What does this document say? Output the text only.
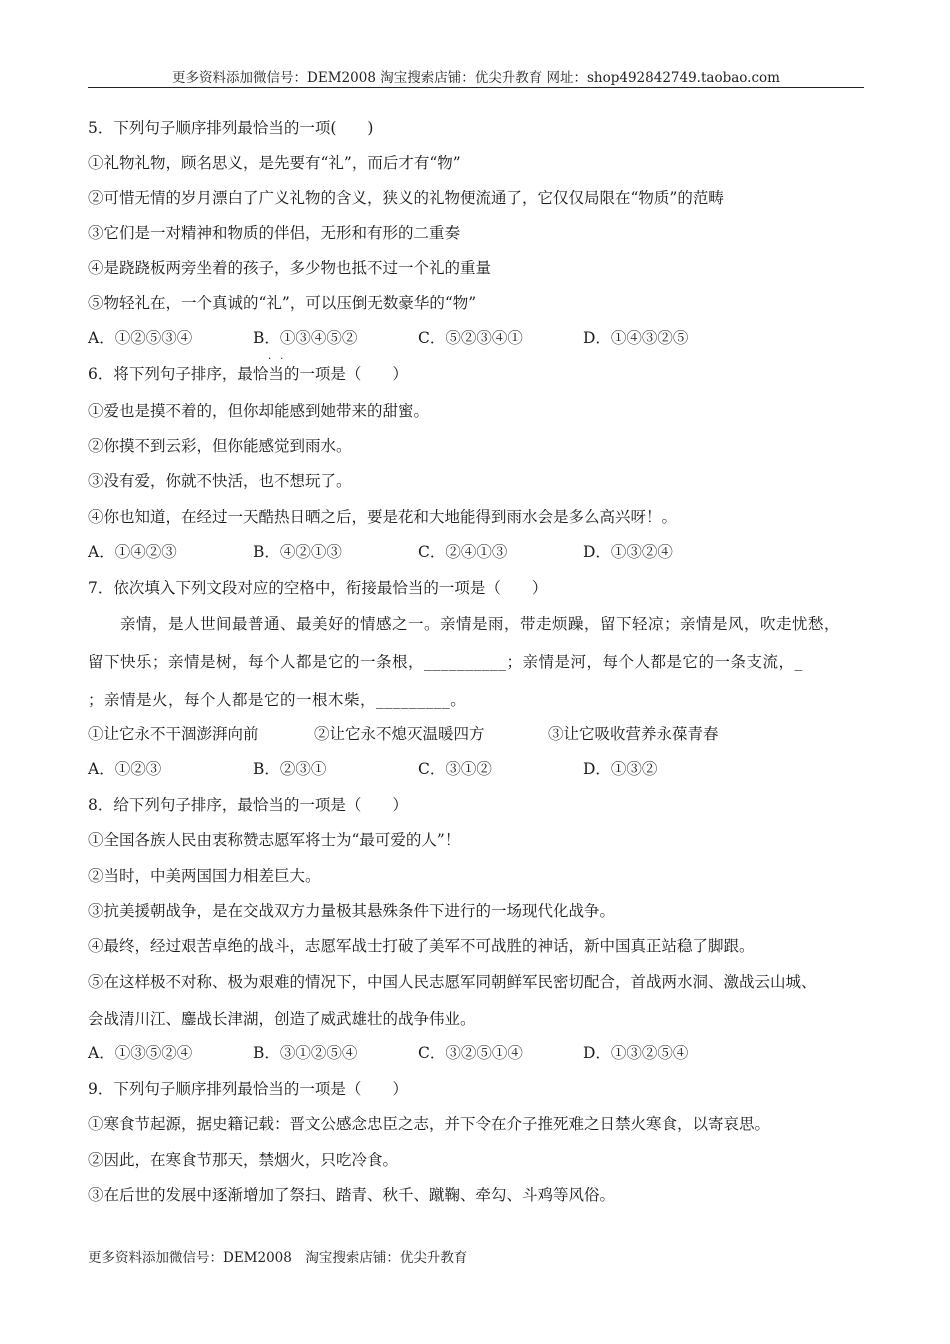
更多资料添加微信号：DEM2008 淘宝搜索店铺：优尖升教育 网址：shop492842749.taobao.com
5．下列句子顺序排列最恰当的一项(　　)
①礼物礼物，顾名思义，是先要有“礼”，而后才有“物”
②可惜无情的岁月漂白了广义礼物的含义，狭义的礼物便流通了，它仅仅局限在“物质”的范畴
③它们是一对精神和物质的伴侣，无形和有形的二重奏
④是跷跷板两旁坐着的孩子，多少物也抵不过一个礼的重量
⑤物轻礼在，一个真诚的“礼”，可以压倒无数豪华的“物”
A．①②⑤③④	B．①③④⑤②	C．⑤②③④①	D．①④③②⑤
··
6．将下列句子排序，最恰当的一项是（　　）
①爱也是摸不着的，但你却能感到她带来的甜蜜。
②你摸不到云彩，但你能感觉到雨水。
③没有爱，你就不快活，也不想玩了。
④你也知道，在经过一天酷热日晒之后，要是花和大地能得到雨水会是多么高兴呀！。
A．①④②③	B．④②①③	C．②④①③	D．①③②④
7．依次填入下列文段对应的空格中，衔接最恰当的一项是（　　）
　　亲情，是人世间最普通、最美好的情感之一。亲情是雨，带走烦躁，留下轻凉；亲情是风，吹走忧愁，
留下快乐；亲情是树，每个人都是它的一条根，__________；亲情是河，每个人都是它的一条支流，_
；亲情是火，每个人都是它的一根木柴，_________。
①让它永不干涸澎湃向前	②让它永不熄灭温暖四方	③让它吸收营养永葆青春
A．①②③	B．②③①	C．③①②	D．①③②
8．给下列句子排序，最恰当的一项是（　　）
①全国各族人民由衷称赞志愿军将士为“最可爱的人”！
②当时，中美两国国力相差巨大。
③抗美援朝战争，是在交战双方力量极其悬殊条件下进行的一场现代化战争。
④最终，经过艰苦卓绝的战斗，志愿军战士打破了美军不可战胜的神话，新中国真正站稳了脚跟。
⑤在这样极不对称、极为艰难的情况下，中国人民志愿军同朝鲜军民密切配合，首战两水洞、激战云山城、
会战清川江、鏖战长津湖，创造了威武雄壮的战争伟业。
A．①③⑤②④	B．③①②⑤④	C．③②⑤①④	D．①③②⑤④
9．下列句子顺序排列最恰当的一项是（　　）
①寒食节起源，据史籍记载：晋文公感念忠臣之志，并下令在介子推死难之日禁火寒食，以寄哀思。
②因此，在寒食节那天，禁烟火，只吃冷食。
③在后世的发展中逐渐增加了祭扫、踏青、秋千、蹴鞠、牵勾、斗鸡等风俗。
更多资料添加微信号：DEM2008　淘宝搜索店铺：优尖升教育
